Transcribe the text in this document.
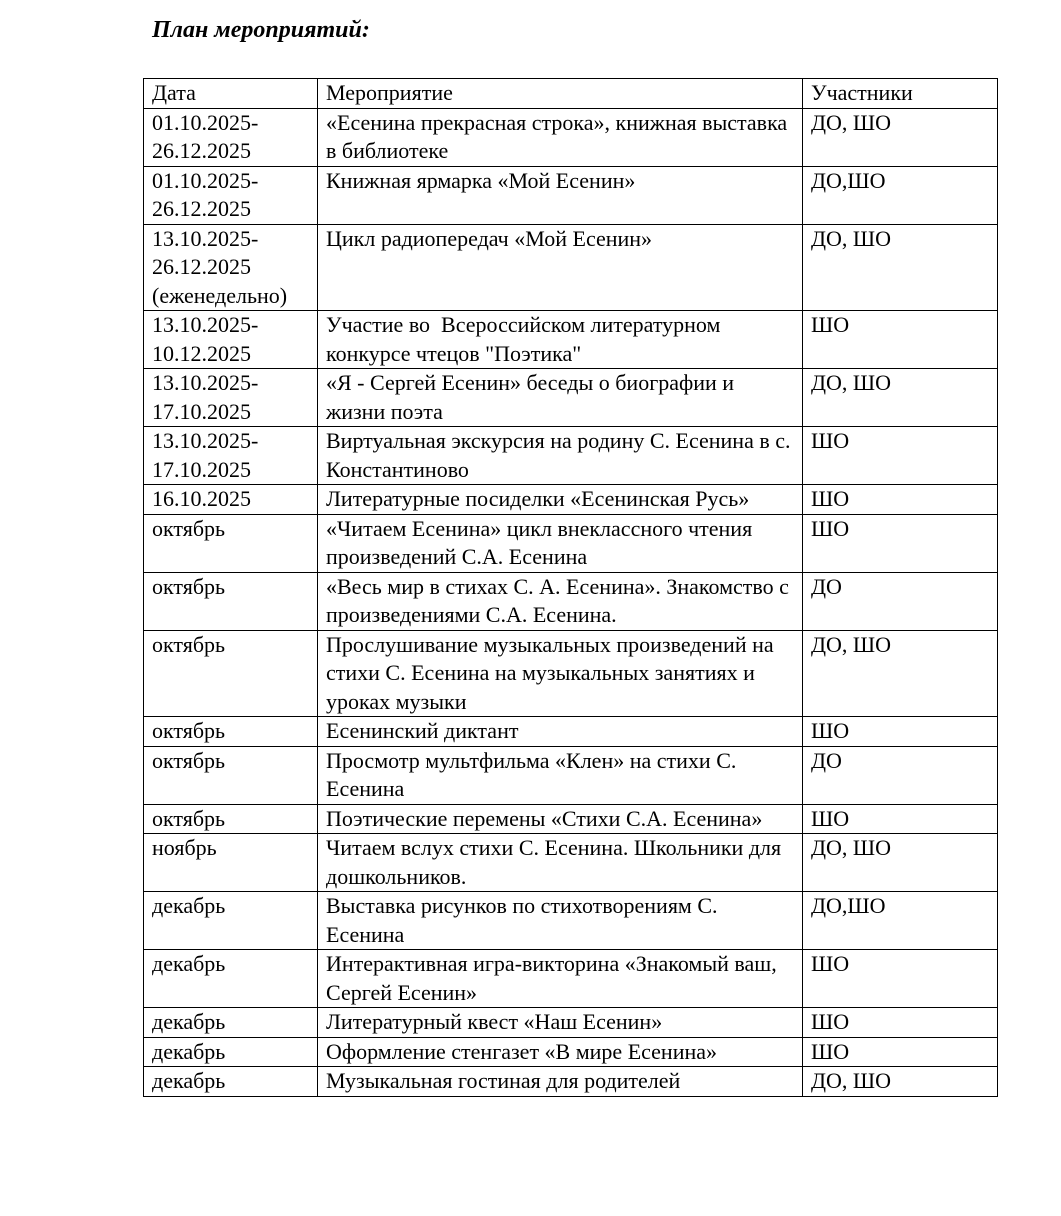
План мероприятий:
Дата	Мероприятие	Участники
01.10.2025-26.12.2025	«Есенина прекрасная строка», книжная выставка в библиотеке	ДО, ШО
01.10.2025-26.12.2025	Книжная ярмарка «Мой Есенин»	ДО,ШО
13.10.2025-26.12.2025 (еженедельно)	Цикл радиопередач «Мой Есенин»	ДО, ШО
13.10.2025-10.12.2025	Участие во  Всероссийском литературном конкурсе чтецов "Поэтика"	ШО
13.10.2025-17.10.2025	«Я - Сергей Есенин» беседы о биографии и жизни поэта	ДО, ШО
13.10.2025-17.10.2025	Виртуальная экскурсия на родину С. Есенина в с. Константиново	ШО
16.10.2025	Литературные посиделки «Есенинская Русь»	ШО
октябрь	«Читаем Есенина» цикл внеклассного чтения произведений С.А. Есенина	ШО
октябрь	«Весь мир в стихах С. А. Есенина». Знакомство с произведениями С.А. Есенина.	ДО
октябрь	Прослушивание музыкальных произведений на стихи С. Есенина на музыкальных занятиях и уроках музыки	ДО, ШО
октябрь	Есенинский диктант	ШО
октябрь	Просмотр мультфильма «Клен» на стихи С. Есенина	ДО
октябрь	Поэтические перемены «Стихи С.А. Есенина»	ШО
ноябрь	Читаем вслух стихи С. Есенина. Школьники для дошкольников.	ДО, ШО
декабрь	Выставка рисунков по стихотворениям С. Есенина	ДО,ШО
декабрь	Интерактивная игра-викторина «Знакомый ваш, Сергей Есенин»	ШО
декабрь	Литературный квест «Наш Есенин»	ШО
декабрь	Оформление стенгазет «В мире Есенина»	ШО
декабрь	Музыкальная гостиная для родителей	ДО, ШО
